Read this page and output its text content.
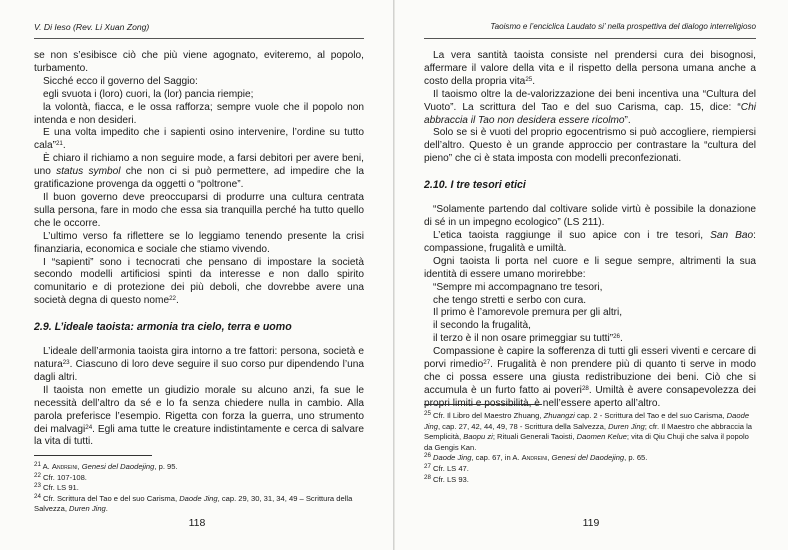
V. Di Ieso (Rev. Li Xuan Zong)

se non s’esibisce ciò che più viene agognato, eviteremo, al popolo, turbamento.

Sicché ecco il governo del Saggio:

egli svuota i (loro) cuori, la (lor) pancia riempie;

la volontà, fiacca, e le ossa rafforza; sempre vuole che il popolo non intenda e non desideri.

E una volta impedito che i sapienti osino intervenire, l’ordine su tutto cala”$^{21}$.

È chiaro il richiamo a non seguire mode, a farsi debitori per avere beni, uno status symbol che non ci si può permettere, ad impedire che la gratificazione provenga da oggetti o “poltrone”.

Il buon governo deve preoccuparsi di produrre una cultura centrata sulla persona, fare in modo che essa sia tranquilla perché ha tutto quello che le occorre.

L’ultimo verso fa riflettere se lo leggiamo tenendo presente la crisi finanziaria, economica e sociale che stiamo vivendo.

I “sapienti” sono i tecnocrati che pensano di impostare la società secondo modelli artificiosi spinti da interesse e non dallo spirito comunitario e di protezione dei più deboli, che dovrebbe avere una società degna di questo nome$^{22}$.

2.9. L’ideale taoista: armonia tra cielo, terra e uomo

L’ideale dell’armonia taoista gira intorno a tre fattori: persona, società e natura$^{23}$. Ciascuno di loro deve seguire il suo corso pur dipendendo l’una dagli altri.

Il taoista non emette un giudizio morale su alcuno anzi, fa sue le necessità dell’altro da sé e lo fa senza chiedere nulla in cambio. Alla parola preferisce l’esempio. Rigetta con forza la guerra, uno strumento dei malvagi$^{24}$. Egli ama tutte le creature indistintamente e cerca di salvare la vita di tutti.

$^{21}$ A. Andreini, Genesi del Daodejing, p. 95.

$^{22}$ Cfr. 107-108.

$^{23}$ Cfr. LS 91.

$^{24}$ Cfr. Scrittura del Tao e del suo Carisma, Daode Jing, cap. 29, 30, 31, 34, 49 – Scrittura della Salvezza, Duren Jing.

118
Taoismo e l’enciclica Laudato si’ nella prospettiva del dialogo interreligioso

La vera santità taoista consiste nel prendersi cura dei bisognosi, affermare il valore della vita e il rispetto della persona umana anche a costo della propria vita$^{25}$.

Il taoismo oltre la de-valorizzazione dei beni incentiva una “Cultura del Vuoto”. La scrittura del Tao e del suo Carisma, cap. 15, dice: “Chi abbraccia il Tao non desidera essere ricolmo”.

Solo se si è vuoti del proprio egocentrismo si può accogliere, riempiersi dell’altro. Questo è un grande approccio per contrastare la “cultura del pieno” che ci è stata imposta con modelli preconfezionati.

2.10. I tre tesori etici

“Solamente partendo dal coltivare solide virtù è possibile la donazione di sé in un impegno ecologico” (LS 211).

L’etica taoista raggiunge il suo apice con i tre tesori, San Bao: compassione, frugalità e umiltà.

Ogni taoista li porta nel cuore e li segue sempre, altrimenti la sua identità di essere umano morirebbe:

“Sempre mi accompagnano tre tesori,

che tengo stretti e serbo con cura.

Il primo è l’amorevole premura per gli altri,

il secondo la frugalità,

il terzo è il non osare primeggiar su tutti”$^{26}$.

Compassione è capire la sofferenza di tutti gli esseri viventi e cercare di porvi rimedio$^{27}$. Frugalità è non prendere più di quanto ti serve in modo che ci possa essere una giusta redistribuzione dei beni. Ciò che si accumula è un furto fatto ai poveri$^{28}$. Umiltà è avere consapevolezza dei propri limiti e possibilità, è nell’essere aperto all’altro.

$^{25}$ Cfr. Il Libro del Maestro Zhuang, Zhuangzi cap. 2 - Scrittura del Tao e del suo Carisma, Daode Jing, cap. 27, 42, 44, 49, 78 - Scrittura della Salvezza, Duren Jing; cfr. Il Maestro che abbraccia la Semplicità, Baopu zi; Rituali Generali Taoisti, Daomen Kelue; vita di Qiu Chuji che salva il popolo da Gengis Kan.

$^{26}$ Daode Jing, cap. 67, in A. Andreini, Genesi del Daodejing, p. 65.

$^{27}$ Cfr. LS 47.

$^{28}$ Cfr. LS 93.

119
